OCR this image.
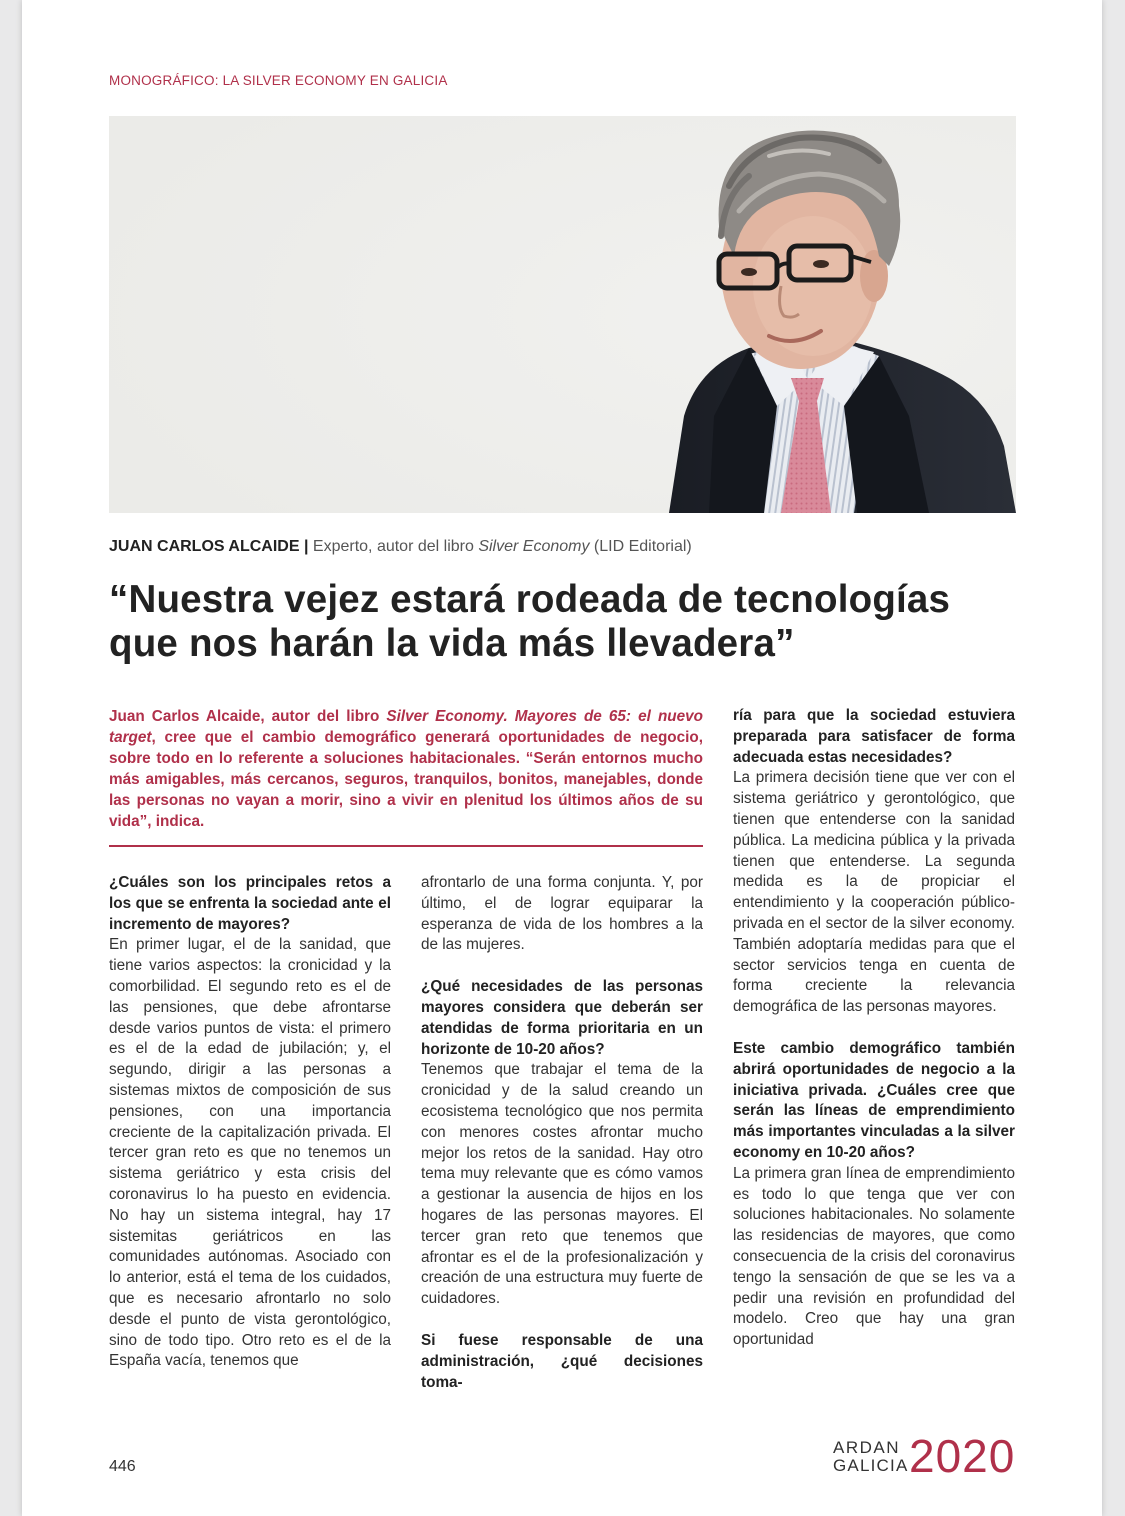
MONOGRÁFICO: LA SILVER ECONOMY EN GALICIA
JUAN CARLOS ALCAIDE | Experto, autor del libro Silver Economy (LID Editorial)
“Nuestra vejez estará rodeada de tecnologías que nos harán la vida más llevadera”

Juan Carlos Alcaide, autor del libro Silver Economy. Mayores de 65: el nuevo target, cree que el cambio demográfico generará oportunidades de negocio, sobre todo en lo referente a soluciones habitacionales. “Serán entornos mucho más amigables, más cercanos, seguros, tranquilos, bonitos, manejables, donde las personas no vayan a morir, sino a vivir en plenitud los últimos años de su vida”, indica.

¿Cuáles son los principales retos a los que se enfrenta la sociedad ante el incremento de mayores?

En primer lugar, el de la sanidad, que tiene varios aspectos: la cronicidad y la comorbilidad. El segundo reto es el de las pensiones, que debe afrontarse desde varios puntos de vista: el primero es el de la edad de jubilación; y, el segundo, dirigir a las personas a sistemas mixtos de composición de sus pensiones, con una importancia creciente de la capitalización privada. El tercer gran reto es que no tenemos un sistema geriátrico y esta crisis del coronavirus lo ha puesto en evidencia. No hay un sistema integral, hay 17 sistemitas geriátricos en las comunidades autónomas. Asociado con lo anterior, está el tema de los cuidados, que es necesario afrontarlo no solo desde el punto de vista gerontológico, sino de todo tipo. Otro reto es el de la España vacía, tenemos que

afrontarlo de una forma conjunta. Y, por último, el de lograr equiparar la esperanza de vida de los hombres a la de las mujeres.

¿Qué necesidades de las personas mayores considera que deberán ser atendidas de forma prioritaria en un horizonte de 10-20 años?

Tenemos que trabajar el tema de la cronicidad y de la salud creando un ecosistema tecnológico que nos permita con menores costes afrontar mucho mejor los retos de la sanidad. Hay otro tema muy relevante que es cómo vamos a gestionar la ausencia de hijos en los hogares de las personas mayores. El tercer gran reto que tenemos que afrontar es el de la profesionalización y creación de una estructura muy fuerte de cuidadores.

Si fuese responsable de una administración, ¿qué decisiones toma-

ría para que la sociedad estuviera preparada para satisfacer de forma adecuada estas necesidades?

La primera decisión tiene que ver con el sistema geriátrico y gerontológico, que tienen que entenderse con la sanidad pública. La medicina pública y la privada tienen que entenderse. La segunda medida es la de propiciar el entendimiento y la cooperación público-privada en el sector de la silver economy. También adoptaría medidas para que el sector servicios tenga en cuenta de forma creciente la relevancia demográfica de las personas mayores.

Este cambio demográfico también abrirá oportunidades de negocio a la iniciativa privada. ¿Cuáles cree que serán las líneas de emprendimiento más importantes vinculadas a la silver economy en 10-20 años?

La primera gran línea de emprendimiento es todo lo que tenga que ver con soluciones habitacionales. No solamente las residencias de mayores, que como consecuencia de la crisis del coronavirus tengo la sensación de que se les va a pedir una revisión en profundidad del modelo. Creo que hay una gran oportunidad

446
ARDAN
GALICIA 2020
